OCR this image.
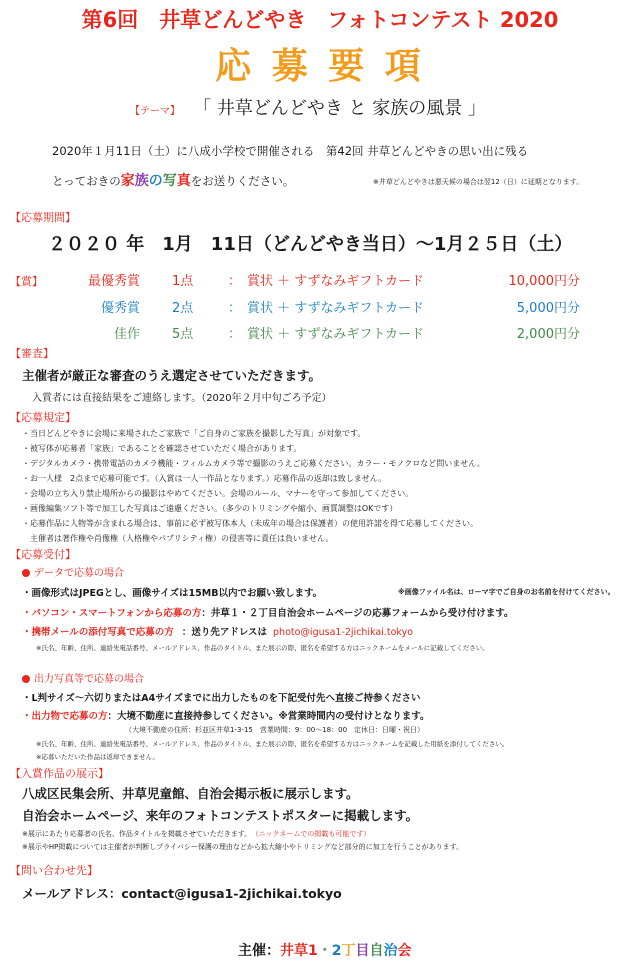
第6回　井草どんどやき　フォトコンテスト 2020
応 募 要 項
【テーマ】 「 井草どんどやき と 家族の風景 」
2020年１月11日（土）に八成小学校で開催される　第42回 井草どんどやきの思い出に残る
とっておきの家族の写真をお送りください。	※井草どんどやきは悪天候の場合は翌12（日）に延期となります。
【応募期間】
２０２０ 年　1月　11日（どんどやき当日）〜1月２５日（土）
【賞】	最優秀賞 1点	： 賞状 ＋ すずなみギフトカード	10,000円分
優秀賞 2点	： 賞状 ＋ すずなみギフトカード	5,000円分
佳作 5点	： 賞状 ＋ すずなみギフトカード	2,000円分
【審査】
主催者が厳正な審査のうえ選定させていただきます。
入賞者には直接結果をご連絡します。（2020年２月中旬ごろ予定）
【応募規定】
・当日どんどやきに会場に来場されたご家族で「ご自身のご家族を撮影した写真」が対象です。
・被写体が応募者「家族」であることを確認させていただく場合があります。
・デジタルカメラ・携帯電話のカメラ機能・フィルムカメラ等で撮影のうえご応募ください。カラー・モノクロなど問いません。
・お一人様　2点まで応募可能です。（入賞は一人一作品となります。）応募作品の返却は致しません。
・会場の立ち入り禁止場所からの撮影はやめてください。会場のルール、マナーを守って参加してください。
・画像編集ソフト等で加工した写真はご遠慮ください。（多少のトリミングや縮小、画質調整はOKです）
・応募作品に人物等が含まれる場合は、事前に必ず被写体本人（未成年の場合は保護者）の使用許諾を得て応募してください。
　主催者は著作権や肖像権（人格権やパブリシティ権）の侵害等に責任は負いません。
【応募受付】
データで応募の場合
・画像形式はJPEGとし、画像サイズは15MB以内でお願い致します。	※画像ファイル名は、ローマ字でご自身のお名前を付けてください。
・パソコン・スマートフォンから応募の方：井草１・２丁目自治会ホームページの応募フォームから受け付けます。
・携帯メールの添付写真で応募の方 ：送り先アドレスは photo@igusa1-2jichikai.tokyo
※氏名、年齢、住所、連絡先電話番号、メールアドレス、作品のタイトル、また展示の際、匿名を希望する方はニックネームをメールに記載してください。
出力写真等で応募の場合
・L判サイズ〜六切りまたはA4サイズまでに出力したものを下記受付先へ直接ご持参ください
・出力物で応募の方：大境不動産に直接持参してください。※営業時間内の受付けとなります。
（大境不動産の住所：杉並区井草1-3-15　営業時間：9：00〜18：00　定休日：日曜・祝日）
※氏名、年齢、住所、連絡先電話番号、メールアドレス、作品のタイトル、また展示の際、匿名を希望する方はニックネームを記載した用紙を添付してください。
※応募いただいた作品は返却できません。
【入賞作品の展示】
八成区民集会所、井草児童館、自治会掲示板に展示します。
自治会ホームページ、来年のフォトコンテストポスターに掲載します。
※展示にあたり応募者の氏名、作品タイトルを掲載させていただきます。 （ニックネームでの掲載も可能です）
※展示やHP掲載については主催者が判断しプライバシー保護の理由などから拡大縮小やトリミングなど部分的に加工を行うことがあります。
【問い合わせ先】
メールアドレス：contact@igusa1-2jichikai.tokyo
主催：井草1・2丁目自治会
